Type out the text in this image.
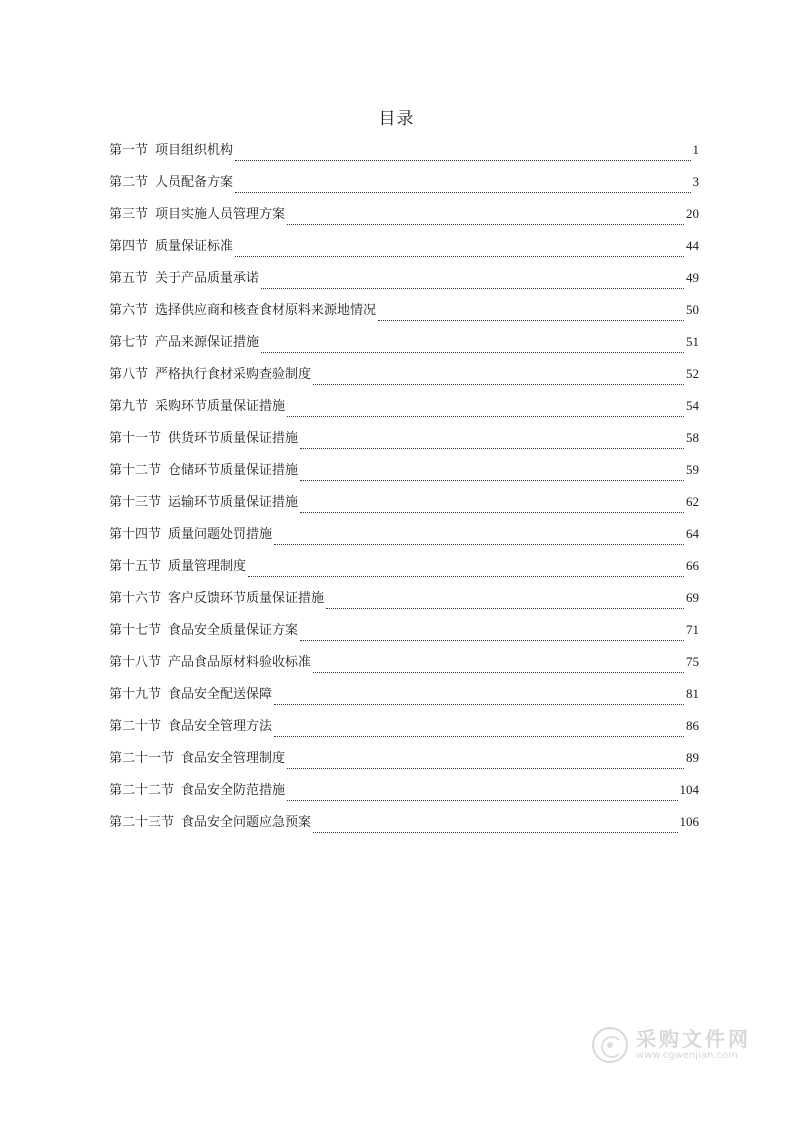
目录
第一节 项目组织机构	1
第二节 人员配备方案	3
第三节 项目实施人员管理方案	20
第四节 质量保证标准	44
第五节 关于产品质量承诺	49
第六节 选择供应商和核查食材原料来源地情况	50
第七节 产品来源保证措施	51
第八节 严格执行食材采购查验制度	52
第九节 采购环节质量保证措施	54
第十一节 供货环节质量保证措施	58
第十二节 仓储环节质量保证措施	59
第十三节 运输环节质量保证措施	62
第十四节 质量问题处罚措施	64
第十五节 质量管理制度	66
第十六节 客户反馈环节质量保证措施	69
第十七节 食品安全质量保证方案	71
第十八节 产品食品原材料验收标准	75
第十九节 食品安全配送保障	81
第二十节 食品安全管理方法	86
第二十一节 食品安全管理制度	89
第二十二节 食品安全防范措施	104
第二十三节 食品安全问题应急预案	106
采购文件网
www.cgwenjian.com
